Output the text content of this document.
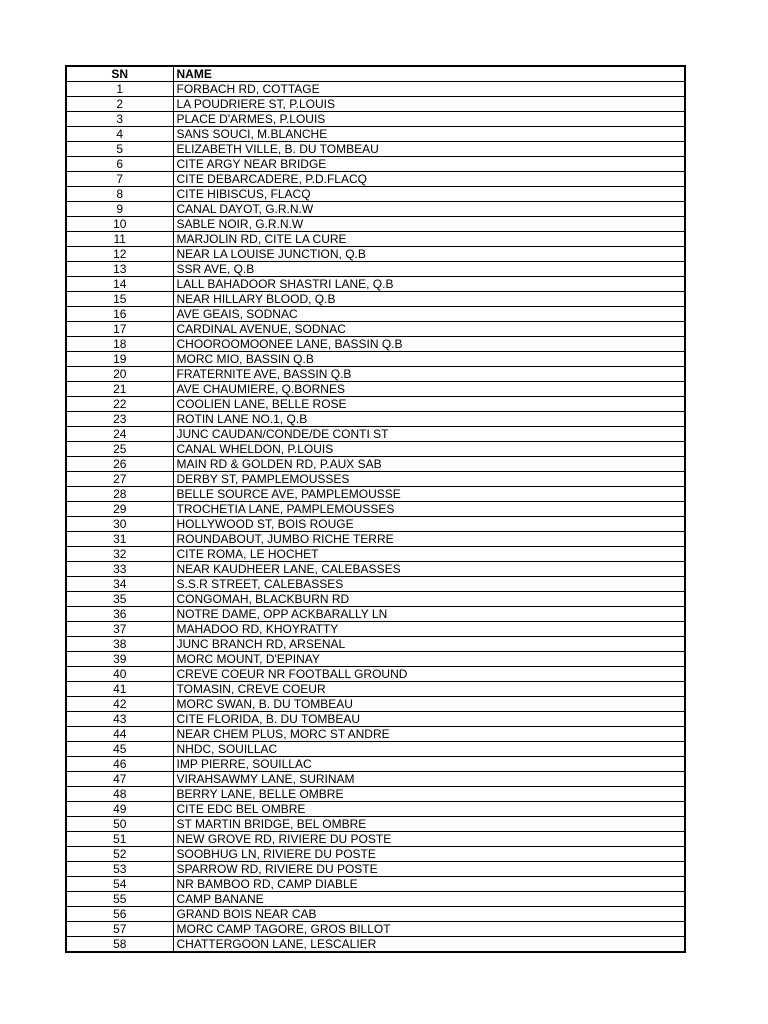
SN	NAME
1	FORBACH RD, COTTAGE
2	LA POUDRIERE ST, P.LOUIS
3	PLACE D'ARMES, P.LOUIS
4	SANS SOUCI, M.BLANCHE
5	ELIZABETH VILLE, B. DU TOMBEAU
6	CITE ARGY NEAR BRIDGE
7	CITE DEBARCADERE, P.D.FLACQ
8	CITE HIBISCUS, FLACQ
9	CANAL DAYOT, G.R.N.W
10	SABLE NOIR, G.R.N.W
11	MARJOLIN RD, CITE LA CURE
12	NEAR LA LOUISE JUNCTION, Q.B
13	SSR AVE, Q.B
14	LALL BAHADOOR SHASTRI LANE, Q.B
15	NEAR HILLARY BLOOD, Q.B
16	AVE GEAIS, SODNAC
17	CARDINAL AVENUE, SODNAC
18	CHOOROOMOONEE LANE, BASSIN Q.B
19	MORC MIO, BASSIN Q.B
20	FRATERNITE AVE, BASSIN Q.B
21	AVE CHAUMIERE, Q.BORNES
22	COOLIEN LANE, BELLE ROSE
23	ROTIN LANE NO.1, Q.B
24	JUNC CAUDAN/CONDE/DE CONTI ST
25	CANAL WHELDON, P.LOUIS
26	MAIN RD & GOLDEN RD, P.AUX SAB
27	DERBY ST, PAMPLEMOUSSES
28	BELLE SOURCE AVE, PAMPLEMOUSSE
29	TROCHETIA LANE, PAMPLEMOUSSES
30	HOLLYWOOD ST, BOIS ROUGE
31	ROUNDABOUT, JUMBO RICHE TERRE
32	CITE ROMA, LE HOCHET
33	NEAR KAUDHEER LANE, CALEBASSES
34	S.S.R STREET, CALEBASSES
35	CONGOMAH, BLACKBURN RD
36	NOTRE DAME, OPP ACKBARALLY LN
37	MAHADOO RD, KHOYRATTY
38	JUNC BRANCH RD, ARSENAL
39	MORC MOUNT, D'EPINAY
40	CREVE COEUR NR FOOTBALL GROUND
41	TOMASIN, CREVE COEUR
42	MORC SWAN, B. DU TOMBEAU
43	CITE FLORIDA, B. DU TOMBEAU
44	NEAR CHEM PLUS, MORC ST ANDRE
45	NHDC, SOUILLAC
46	IMP PIERRE, SOUILLAC
47	VIRAHSAWMY LANE, SURINAM
48	BERRY LANE, BELLE OMBRE
49	CITE EDC BEL OMBRE
50	ST MARTIN BRIDGE, BEL OMBRE
51	NEW GROVE RD, RIVIERE DU POSTE
52	SOOBHUG LN, RIVIERE DU POSTE
53	SPARROW RD, RIVIERE DU POSTE
54	NR BAMBOO RD, CAMP DIABLE
55	CAMP BANANE
56	GRAND BOIS NEAR CAB
57	MORC CAMP TAGORE, GROS BILLOT
58	CHATTERGOON LANE, LESCALIER
